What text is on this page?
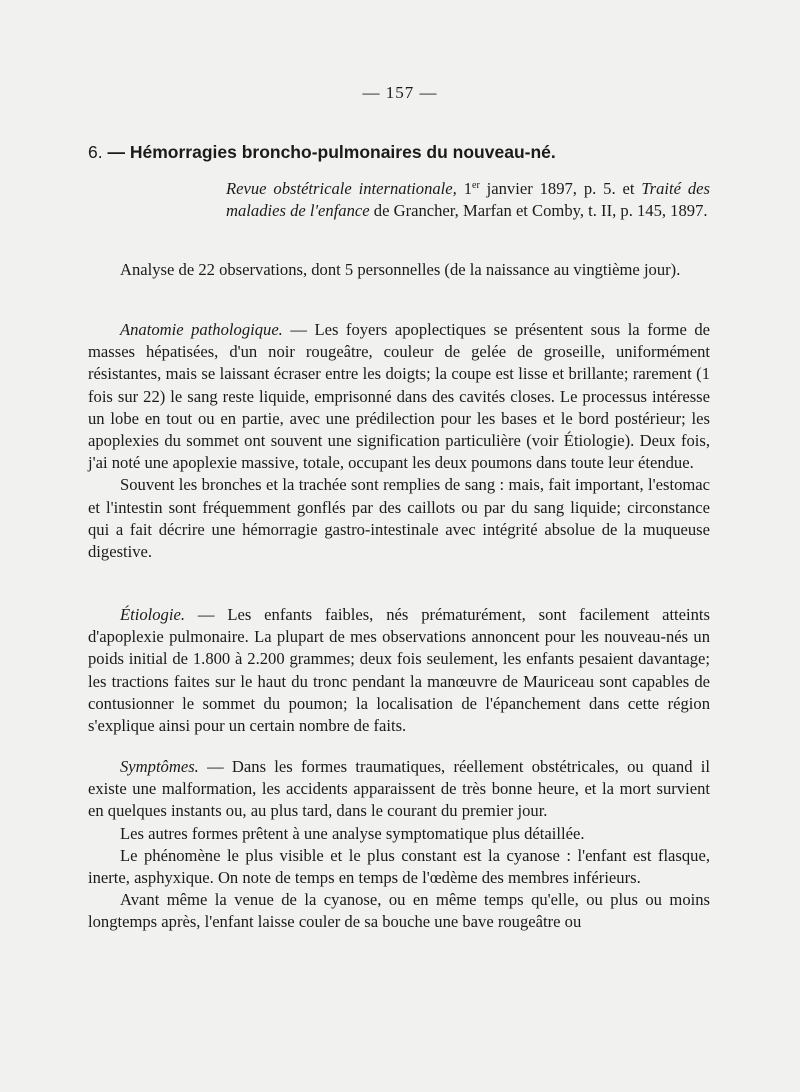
— 157 —
6. — Hémorragies broncho-pulmonaires du nouveau-né.
Revue obstétricale internationale, 1er janvier 1897, p. 5. et Traité des maladies de l'enfance de Grancher, Marfan et Comby, t. II, p. 145, 1897.

Analyse de 22 observations, dont 5 personnelles (de la naissance au vingtième jour).

Anatomie pathologique. — Les foyers apoplectiques se présentent sous la forme de masses hépatisées, d'un noir rougeâtre, couleur de gelée de groseille, uniformément résistantes, mais se laissant écraser entre les doigts; la coupe est lisse et brillante; rarement (1 fois sur 22) le sang reste liquide, emprisonné dans des cavités closes. Le processus intéresse un lobe en tout ou en partie, avec une prédilection pour les bases et le bord postérieur; les apoplexies du sommet ont souvent une signification particulière (voir Étiologie). Deux fois, j'ai noté une apoplexie massive, totale, occupant les deux poumons dans toute leur étendue.

Souvent les bronches et la trachée sont remplies de sang : mais, fait important, l'estomac et l'intestin sont fréquemment gonflés par des caillots ou par du sang liquide; circonstance qui a fait décrire une hémorragie gastro-intestinale avec intégrité absolue de la muqueuse digestive.

Étiologie. — Les enfants faibles, nés prématurément, sont facilement atteints d'apoplexie pulmonaire. La plupart de mes observations annoncent pour les nouveau-nés un poids initial de 1.800 à 2.200 grammes; deux fois seulement, les enfants pesaient davantage; les tractions faites sur le haut du tronc pendant la manœuvre de Mauriceau sont capables de contusionner le sommet du poumon; la localisation de l'épanchement dans cette région s'explique ainsi pour un certain nombre de faits.

Symptômes. — Dans les formes traumatiques, réellement obstétricales, ou quand il existe une malformation, les accidents apparaissent de très bonne heure, et la mort survient en quelques instants ou, au plus tard, dans le courant du premier jour.

Les autres formes prêtent à une analyse symptomatique plus détaillée.

Le phénomène le plus visible et le plus constant est la cyanose : l'enfant est flasque, inerte, asphyxique. On note de temps en temps de l'œdème des membres inférieurs.

Avant même la venue de la cyanose, ou en même temps qu'elle, ou plus ou moins longtemps après, l'enfant laisse couler de sa bouche une bave rougeâtre ou
